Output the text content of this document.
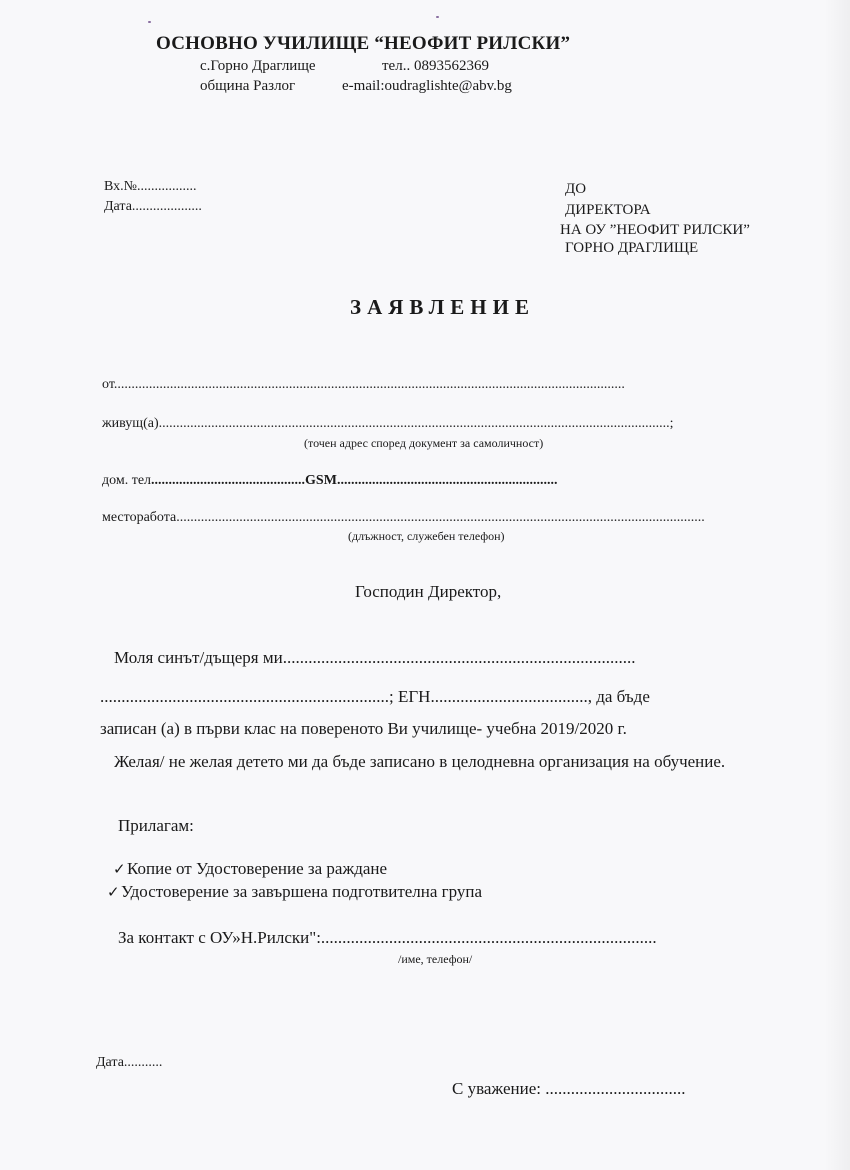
ОСНОВНО УЧИЛИЩЕ “НЕОФИТ РИЛСКИ”
с.Горно Драглище	тел.. 0893562369
община Разлог	e-mail:oudraglishte@abv.bg
Вх.№.................
Дата....................
ДО
ДИРЕКТОРА
НА ОУ ”НЕОФИТ РИЛСКИ”
ГОРНО ДРАГЛИЩЕ
ЗАЯВЛЕНИЕ
от..................................................................................................................................................
живущ(а)..................................................................................................................................................;
(точен адрес според документ за самоличност)
дом. тел............................................GSM...............................................................
месторабота.......................................................................................................................................................
(длъжност, служебен телефон)
Господин Директор,
Моля синът/дъщеря ми...................................................................................
....................................................................; ЕГН....................................., да бъде
записан (а) в първи клас на повереното Ви училище- учебна 2019/2020 г.
Желая/ не желая детето ми да бъде записано в целодневна организация на обучение.
Прилагам:
✓Копие от Удостоверение за раждане
✓Удостоверение за завършена подготвителна група
За контакт с ОУ»Н.Рилски":...............................................................................
/име, телефон/
Дата...........
С уважение: .................................
